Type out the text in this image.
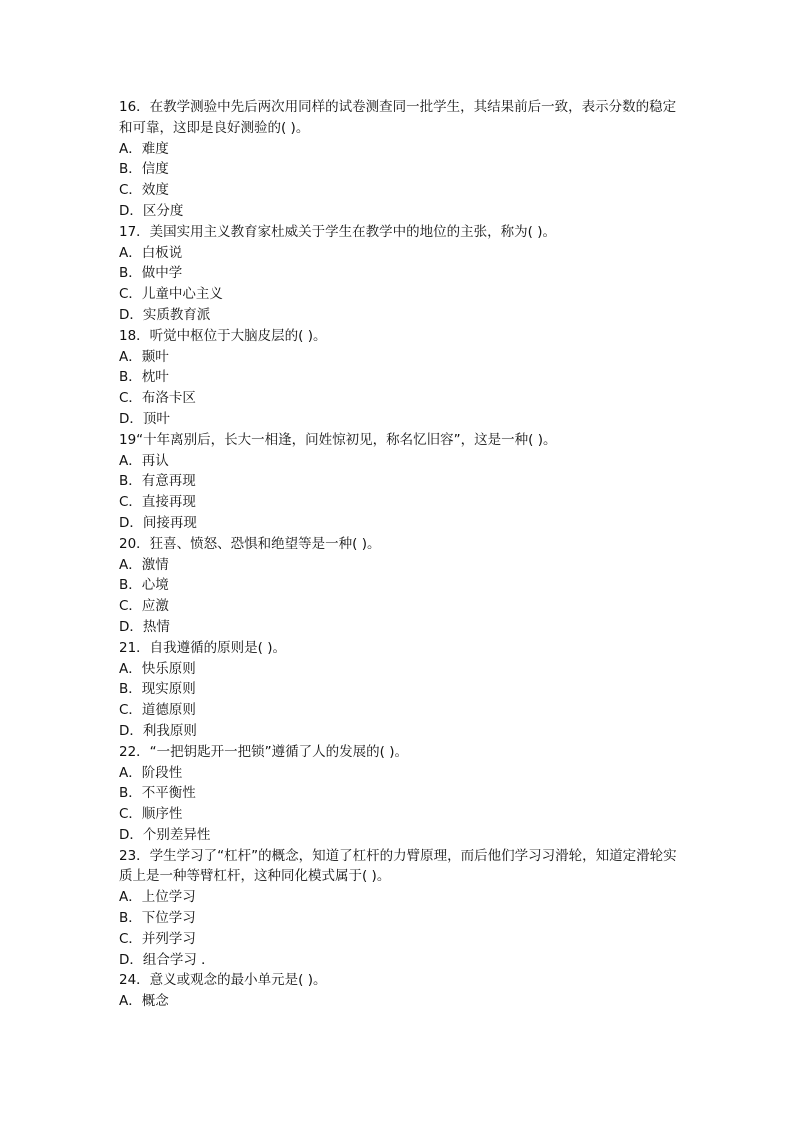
16．在教学测验中先后两次用同样的试卷测查同一批学生，其结果前后一致，表示分数的稳定和可靠，这即是良好测验的( )。
A．难度
B．信度
C．效度
D．区分度
17．美国实用主义教育家杜威关于学生在教学中的地位的主张，称为( )。
A．白板说
B．做中学
C．儿童中心主义
D．实质教育派
18．听觉中枢位于大脑皮层的( )。
A．颞叶
B．枕叶
C．布洛卡区
D．顶叶
19“十年离别后，长大一相逢，问姓惊初见，称名忆旧容”，这是一种( )。
A．再认
B．有意再现
C．直接再现
D．间接再现
20．狂喜、愤怒、恐惧和绝望等是一种( )。
A．激情
B．心境
C．应激
D．热情
21．自我遵循的原则是( )。
A．快乐原则
B．现实原则
C．道德原则
D．利我原则
22．“一把钥匙开一把锁”遵循了人的发展的( )。
A．阶段性
B．不平衡性
C．顺序性
D．个别差异性
23．学生学习了“杠杆”的概念，知道了杠杆的力臂原理，而后他们学习习滑轮，知道定滑轮实质上是一种等臂杠杆，这种同化模式属于( )。
A．上位学习
B．下位学习
C．并列学习
D．组合学习 ．
24．意义或观念的最小单元是( )。
A．概念
